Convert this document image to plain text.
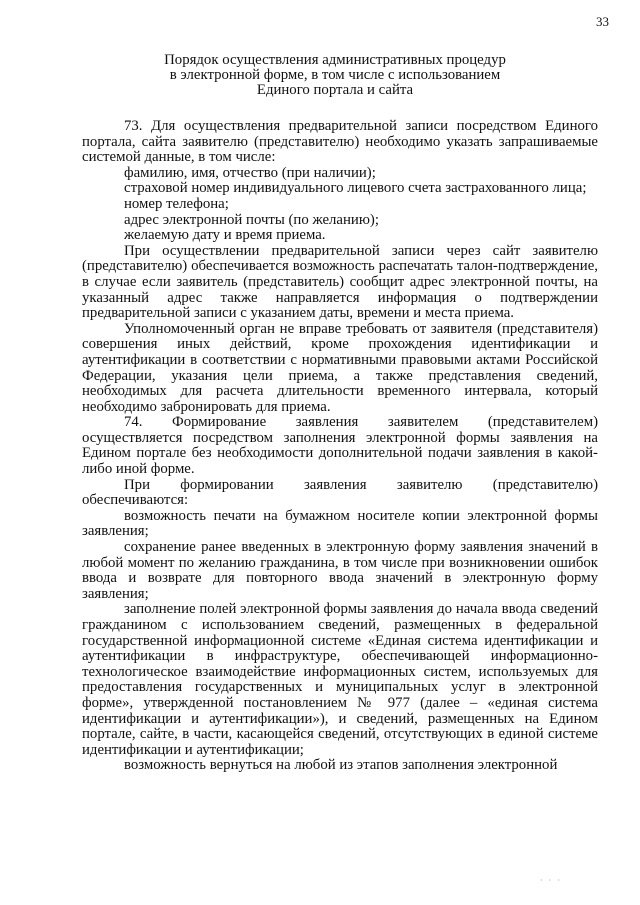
33
Порядок осуществления административных процедур
в электронной форме, в том числе с использованием
Единого портала и сайта

73. Для осуществления предварительной записи посредством Единого портала, сайта заявителю (представителю) необходимо указать запрашиваемые системой данные, в том числе:

фамилию, имя, отчество (при наличии);

страховой номер индивидуального лицевого счета застрахованного лица;

номер телефона;

адрес электронной почты (по желанию);

желаемую дату и время приема.

При осуществлении предварительной записи через сайт заявителю (представителю) обеспечивается возможность распечатать талон-подтверждение, в случае если заявитель (представитель) сообщит адрес электронной почты, на указанный адрес также направляется информация о подтверждении предварительной записи с указанием даты, времени и места приема.

Уполномоченный орган не вправе требовать от заявителя (представителя) совершения иных действий, кроме прохождения идентификации и аутентификации в соответствии с нормативными правовыми актами Российской Федерации, указания цели приема, а также представления сведений, необходимых для расчета длительности временного интервала, который необходимо забронировать для приема.

74. Формирование заявления заявителем (представителем) осуществляется посредством заполнения электронной формы заявления на Едином портале без необходимости дополнительной подачи заявления в какой-либо иной форме.

При формировании заявления заявителю (представителю) обеспечиваются:

возможность печати на бумажном носителе копии электронной формы заявления;

сохранение ранее введенных в электронную форму заявления значений в любой момент по желанию гражданина, в том числе при возникновении ошибок ввода и возврате для повторного ввода значений в электронную форму заявления;

заполнение полей электронной формы заявления до начала ввода сведений гражданином с использованием сведений, размещенных в федеральной государственной информационной системе «Единая система идентификации и аутентификации в инфраструктуре, обеспечивающей информационно-технологическое взаимодействие информационных систем, используемых для предоставления государственных и муниципальных услуг в электронной форме», утвержденной постановлением № 977 (далее – «единая система идентификации и аутентификации»), и сведений, размещенных на Едином портале, сайте, в части, касающейся сведений, отсутствующих в единой системе идентификации и аутентификации;

возможность вернуться на любой из этапов заполнения электронной

· · ·
